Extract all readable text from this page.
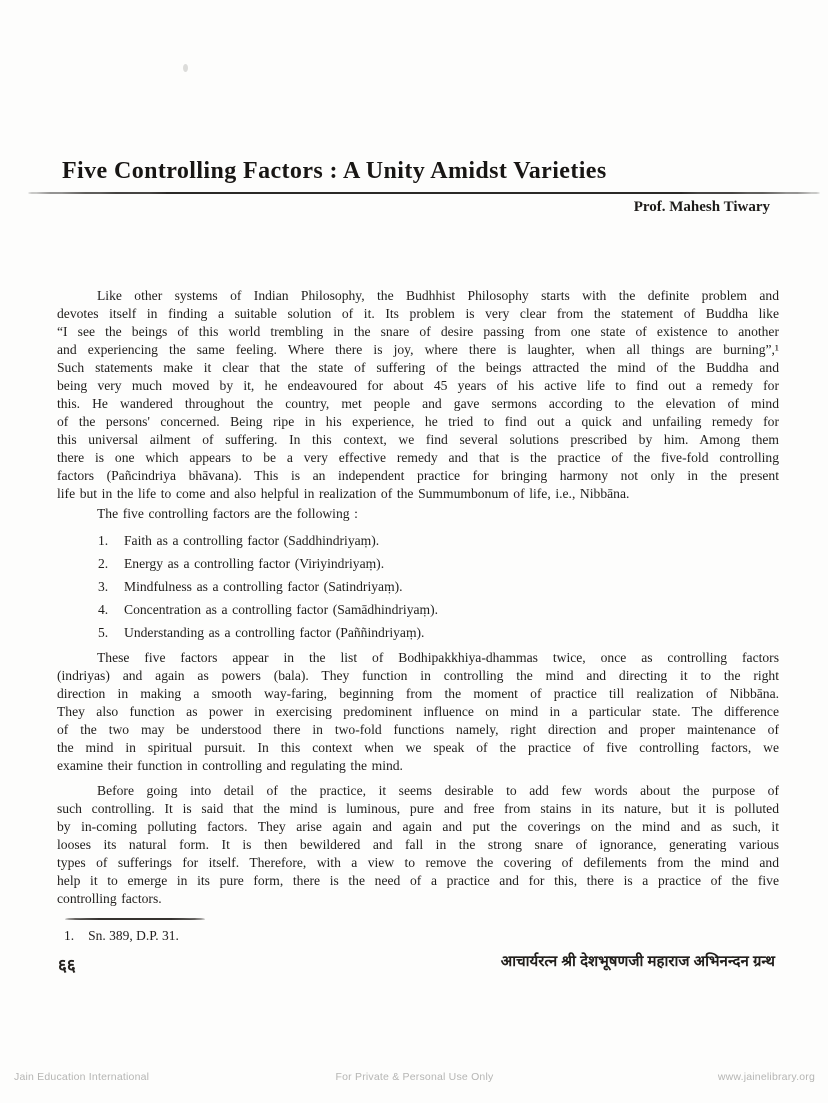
Five Controlling Factors : A Unity Amidst Varieties
Prof. Mahesh Tiwary
Like other systems of Indian Philosophy, the Budhhist Philosophy starts with the definite problem and
devotes itself in finding a suitable solution of it. Its problem is very clear from the statement of Buddha like
“I see the beings of this world trembling in the snare of desire passing from one state of existence to another
and experiencing the same feeling. Where there is joy, where there is laughter, when all things are burning”,¹
Such statements make it clear that the state of suffering of the beings attracted the mind of the Buddha and
being very much moved by it, he endeavoured for about 45 years of his active life to find out a remedy for
this. He wandered throughout the country, met people and gave sermons according to the elevation of mind
of the persons' concerned. Being ripe in his experience, he tried to find out a quick and unfailing remedy for
this universal ailment of suffering. In this context, we find several solutions prescribed by him. Among them
there is one which appears to be a very effective remedy and that is the practice of the five-fold controlling
factors (Pañcindriya bhāvana). This is an independent practice for bringing harmony not only in the present
life but in the life to come and also helpful in realization of the Summumbonum of life, i.e., Nibbāna.
The five controlling factors are the following :
1.	Faith as a controlling factor (Saddhindriyaṃ).
2.	Energy as a controlling factor (Viriyindriyaṃ).
3.	Mindfulness as a controlling factor (Satindriyaṃ).
4.	Concentration as a controlling factor (Samādhindriyaṃ).
5.	Understanding as a controlling factor (Paññindriyaṃ).
These five factors appear in the list of Bodhipakkhiya-dhammas twice, once as controlling factors
(indriyas) and again as powers (bala). They function in controlling the mind and directing it to the right
direction in making a smooth way-faring, beginning from the moment of practice till realization of Nibbāna.
They also function as power in exercising predominent influence on mind in a particular state. The difference
of the two may be understood there in two-fold functions namely, right direction and proper maintenance of
the mind in spiritual pursuit. In this context when we speak of the practice of five controlling factors, we
examine their function in controlling and regulating the mind.
Before going into detail of the practice, it seems desirable to add few words about the purpose of
such controlling. It is said that the mind is luminous, pure and free from stains in its nature, but it is polluted
by in-coming polluting factors. They arise again and again and put the coverings on the mind and as such, it
looses its natural form. It is then bewildered and fall in the strong snare of ignorance, generating various
types of sufferings for itself. Therefore, with a view to remove the covering of defilements from the mind and
help it to emerge in its pure form, there is the need of a practice and for this, there is a practice of the five
controlling factors.
1. Sn. 389, D.P. 31.
६६	आचार्यरत्न श्री देशभूषणजी महाराज अभिनन्दन ग्रन्थ
Jain Education International	For Private & Personal Use Only	www.jainelibrary.org
